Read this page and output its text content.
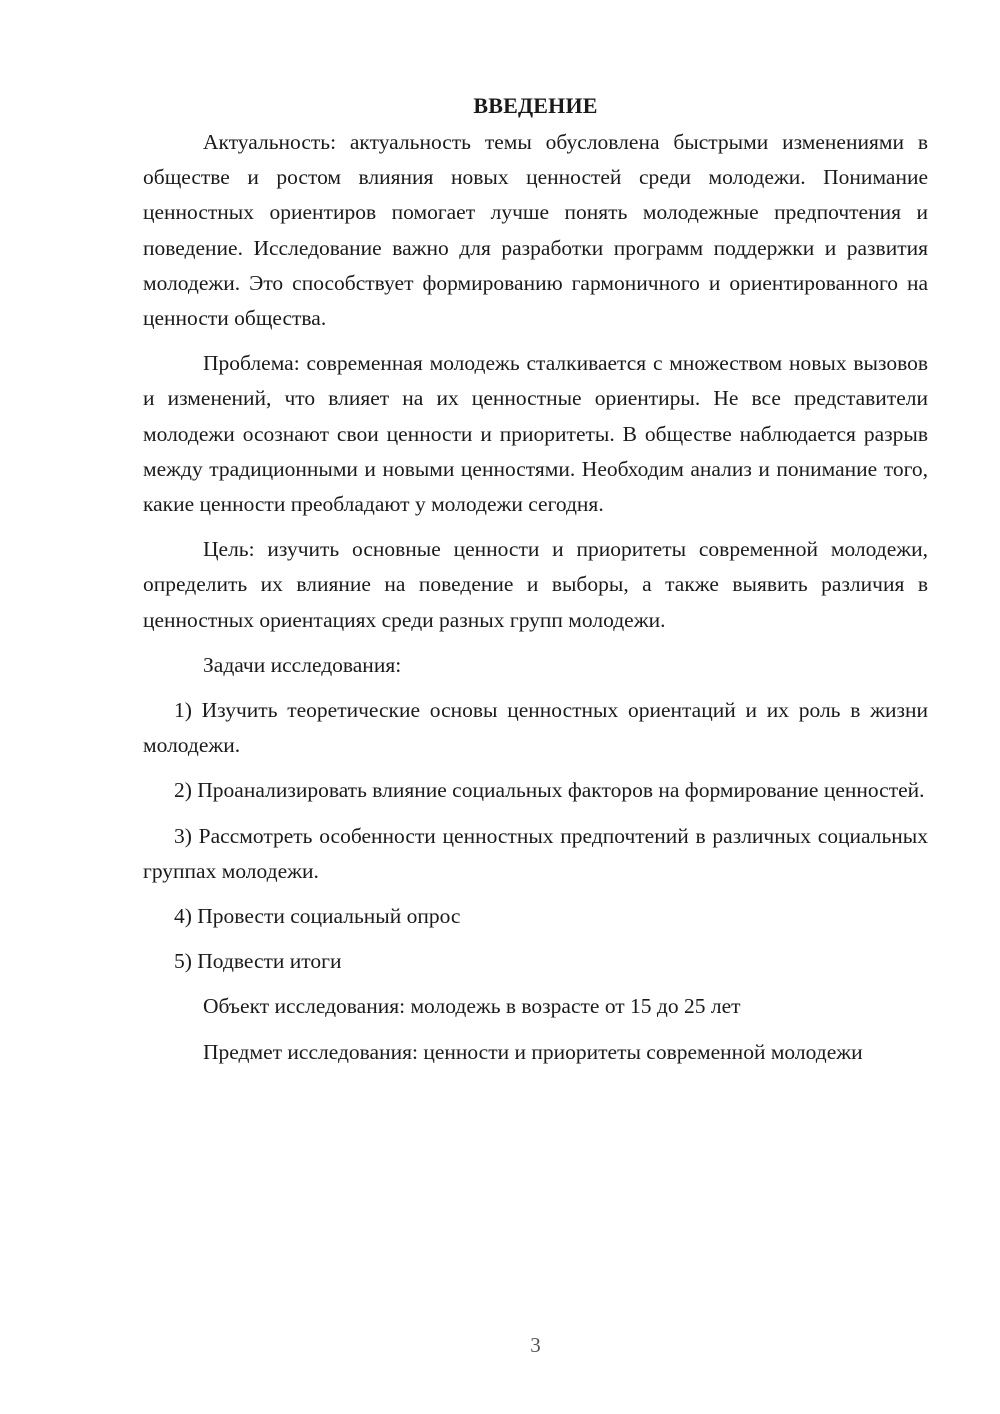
ВВЕДЕНИЕ

Актуальность: актуальность темы обусловлена быстрыми изменениями в обществе и ростом влияния новых ценностей среди молодежи. Понимание ценностных ориентиров помогает лучше понять молодежные предпочтения и поведение. Исследование важно для разработки программ поддержки и развития молодежи. Это способствует формированию гармоничного и ориентированного на ценности общества.

Проблема: современная молодежь сталкивается с множеством новых вызовов и изменений, что влияет на их ценностные ориентиры. Не все представители молодежи осознают свои ценности и приоритеты. В обществе наблюдается разрыв между традиционными и новыми ценностями. Необходим анализ и понимание того, какие ценности преобладают у молодежи сегодня.

Цель: изучить основные ценности и приоритеты современной молодежи, определить их влияние на поведение и выборы, а также выявить различия в ценностных ориентациях среди разных групп молодежи.

Задачи исследования:

1) Изучить теоретические основы ценностных ориентаций и их роль в жизни молодежи.

2) Проанализировать влияние социальных факторов на формирование ценностей.

3) Рассмотреть особенности ценностных предпочтений в различных социальных группах молодежи.

4) Провести социальный опрос

5) Подвести итоги

Объект исследования: молодежь в возрасте от 15 до 25 лет

Предмет исследования: ценности и приоритеты современной молодежи

3
